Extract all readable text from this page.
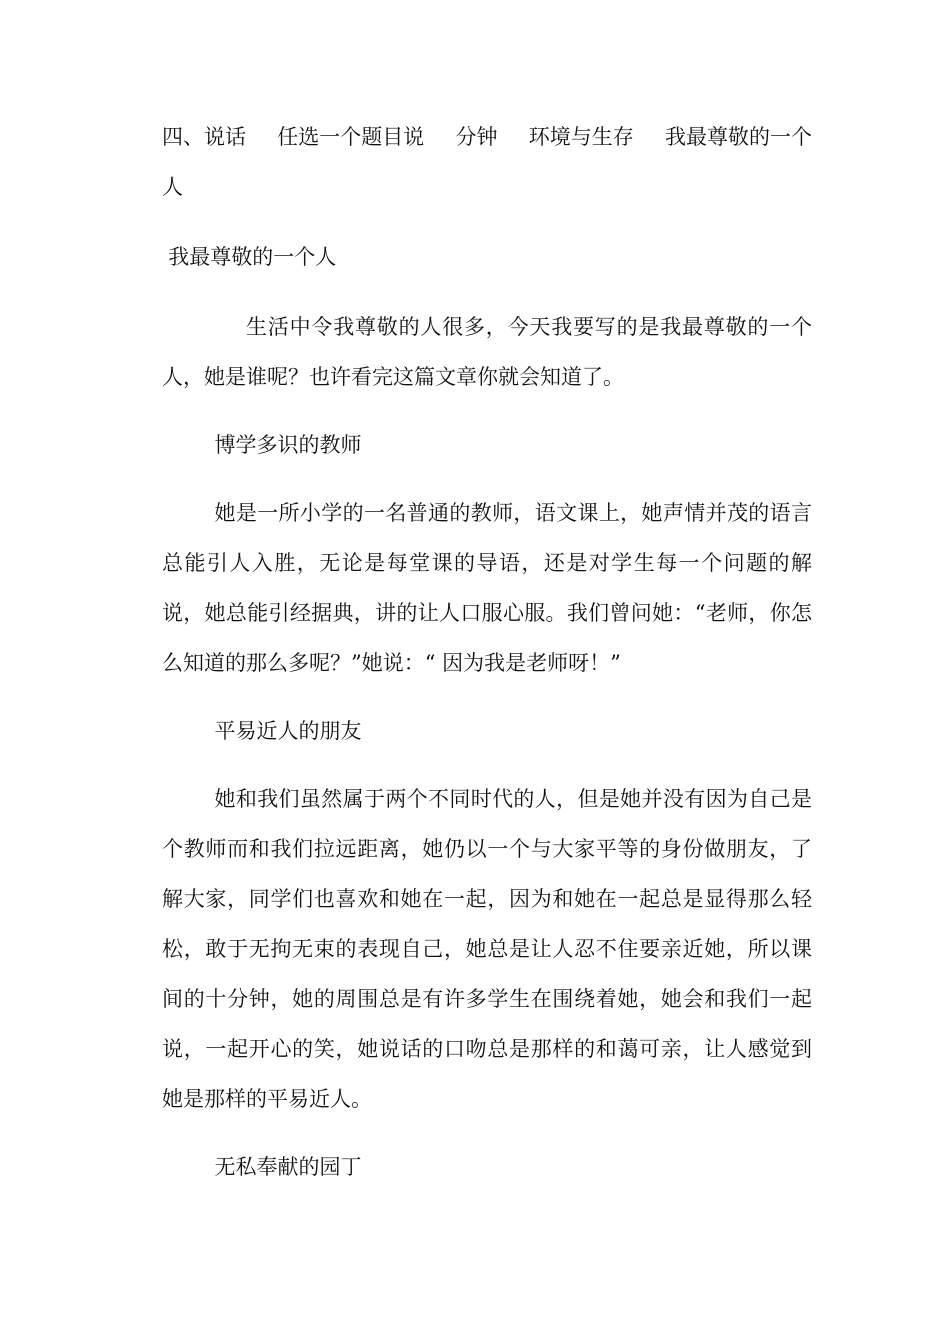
四、说话 任选一个题目说 分钟 环境与生存 我最尊敬的一个

人

我最尊敬的一个人

生活中令我尊敬的人很多，今天我要写的是我最尊敬的一个人，她是谁呢？也许看完这篇文章你就会知道了。

博学多识的教师

她是一所小学的一名普通的教师，语文课上，她声情并茂的语言总能引人入胜，无论是每堂课的导语，还是对学生每一个问题的解说，她总能引经据典，讲的让人口服心服。我们曾问她：“老师，你怎么知道的那么多呢？”她说：“ 因为我是老师呀！”

平易近人的朋友

她和我们虽然属于两个不同时代的人，但是她并没有因为自己是个教师而和我们拉远距离，她仍以一个与大家平等的身份做朋友，了解大家，同学们也喜欢和她在一起，因为和她在一起总是显得那么轻松，敢于无拘无束的表现自己，她总是让人忍不住要亲近她，所以课间的十分钟，她的周围总是有许多学生在围绕着她，她会和我们一起说，一起开心的笑，她说话的口吻总是那样的和蔼可亲，让人感觉到她是那样的平易近人。

无私奉献的园丁
